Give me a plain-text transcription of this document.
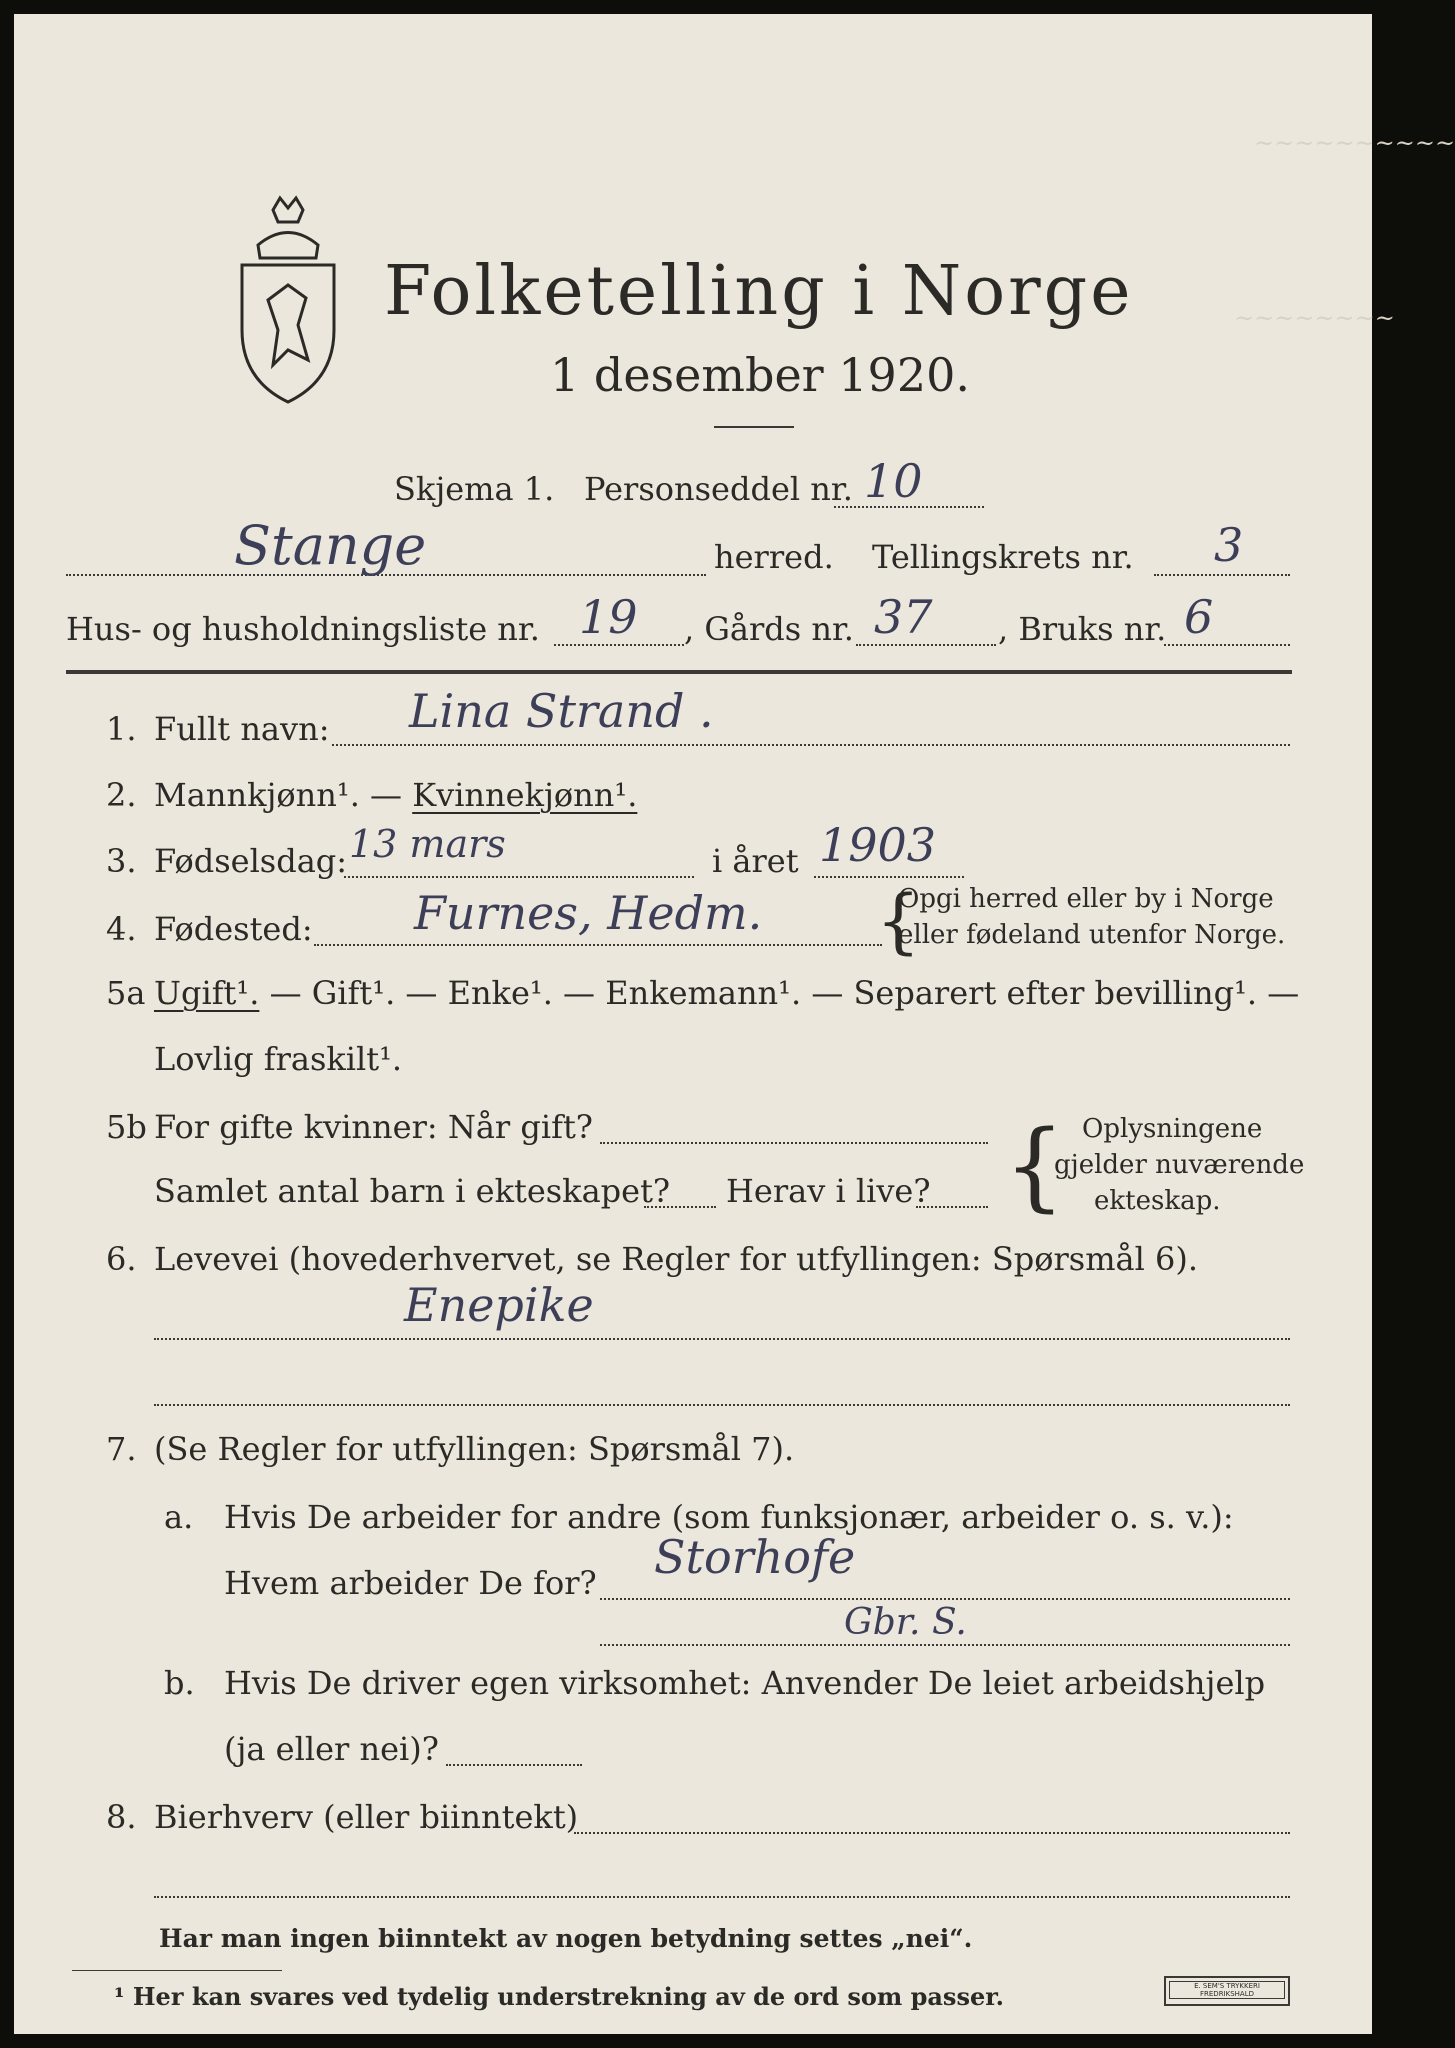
~~~~~~~~~~
~~~~~~~~
Folketelling i Norge
1 desember 1920.
Skjema 1. Personseddel nr. 10
Stange	herred. Tellingskrets nr. 3
Hus- og husholdningsliste nr. 19 , Gårds nr. 37 , Bruks nr. 6
1. Fullt navn: Lina Strand .
2. Mannkjønn¹. — Kvinnekjønn¹.
3. Fødselsdag: 13 mars	i året 1903
4. Fødested: Furnes, Hedm. {
Opgi herred eller by i Norge
eller fødeland utenfor Norge.
5a Ugift¹. — Gift¹. — Enke¹. — Enkemann¹. — Separert efter bevilling¹. —
Lovlig fraskilt¹.
5b For gifte kvinner: Når gift?
Samlet antal barn i ekteskapet? Herav i live? { Oplysningene
gjelder nuværende
ekteskap.
6. Levevei (hovederhvervet, se Regler for utfyllingen: Spørsmål 6).
Enepike
7. (Se Regler for utfyllingen: Spørsmål 7).
a. Hvis De arbeider for andre (som funksjonær, arbeider o. s. v.):
Hvem arbeider De for? Storhofe
Gbr. S.
b. Hvis De driver egen virksomhet: Anvender De leiet arbeidshjelp
(ja eller nei)?
8. Bierhverv (eller biinntekt)
Har man ingen biinntekt av nogen betydning settes „nei“.
¹ Her kan svares ved tydelig understrekning av de ord som passer.	E. SEM'S TRYKKERI FREDRIKSHALD
